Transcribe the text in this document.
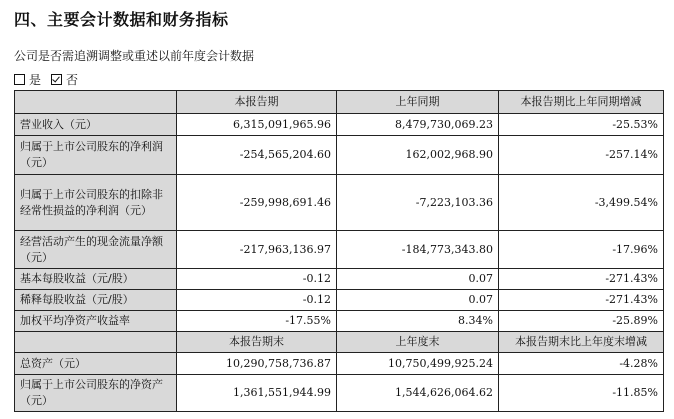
四、主要会计数据和财务指标
公司是否需追溯调整或重述以前年度会计数据
是 否
	本报告期	上年同期	本报告期比上年同期增减
营业收入（元）	6,315,091,965.96	8,479,730,069.23	-25.53%
归属于上市公司股东的净利润（元）	-254,565,204.60	162,002,968.90	-257.14%
归属于上市公司股东的扣除非经常性损益的净利润（元）	-259,998,691.46	-7,223,103.36	-3,499.54%
经营活动产生的现金流量净额（元）	-217,963,136.97	-184,773,343.80	-17.96%
基本每股收益（元/股）	-0.12	0.07	-271.43%
稀释每股收益（元/股）	-0.12	0.07	-271.43%
加权平均净资产收益率	-17.55%	8.34%	-25.89%
	本报告期末	上年度末	本报告期末比上年度末增减
总资产（元）	10,290,758,736.87	10,750,499,925.24	-4.28%
归属于上市公司股东的净资产（元）	1,361,551,944.99	1,544,626,064.62	-11.85%
